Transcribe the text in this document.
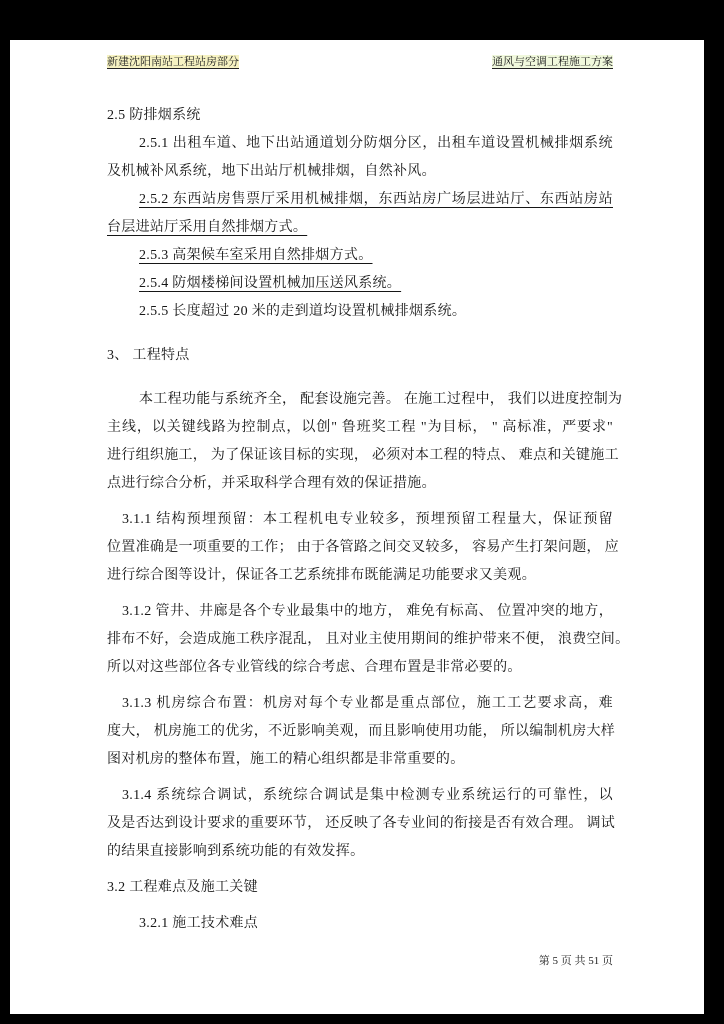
新建沈阳南站工程站房部分	通风与空调工程施工方案
2.5 防排烟系统
2.5.1 出租车道、地下出站通道划分防烟分区，出租车道设置机械排烟系统
及机械补风系统，地下出站厅机械排烟，自然补风。
2.5.2 东西站房售票厅采用机械排烟，东西站房广场层进站厅、东西站房站
台层进站厅采用自然排烟方式。
2.5.3 高架候车室采用自然排烟方式。
2.5.4 防烟楼梯间设置机械加压送风系统。
2.5.5 长度超过 20 米的走到道均设置机械排烟系统。
3、 工程特点
本工程功能与系统齐全， 配套设施完善。 在施工过程中， 我们以进度控制为
主线，以关键线路为控制点，以创" 鲁班奖工程 "为目标， " 高标准，严要求"
进行组织施工， 为了保证该目标的实现， 必须对本工程的特点、 难点和关键施工
点进行综合分析，并采取科学合理有效的保证措施。
3.1.1 结构预埋预留：本工程机电专业较多，预埋预留工程量大，保证预留
位置准确是一项重要的工作； 由于各管路之间交叉较多， 容易产生打架问题， 应
进行综合图等设计，保证各工艺系统排布既能满足功能要求又美观。
3.1.2 管井、井廊是各个专业最集中的地方， 难免有标高、 位置冲突的地方，
排布不好，会造成施工秩序混乱， 且对业主使用期间的维护带来不便， 浪费空间。
所以对这些部位各专业管线的综合考虑、合理布置是非常必要的。
3.1.3 机房综合布置：机房对每个专业都是重点部位，施工工艺要求高，难
度大， 机房施工的优劣，不近影响美观，而且影响使用功能， 所以编制机房大样
图对机房的整体布置，施工的精心组织都是非常重要的。
3.1.4 系统综合调试，系统综合调试是集中检测专业系统运行的可靠性，以
及是否达到设计要求的重要环节， 还反映了各专业间的衔接是否有效合理。 调试
的结果直接影响到系统功能的有效发挥。
3.2 工程难点及施工关键
3.2.1 施工技术难点
第 5 页 共 51 页
